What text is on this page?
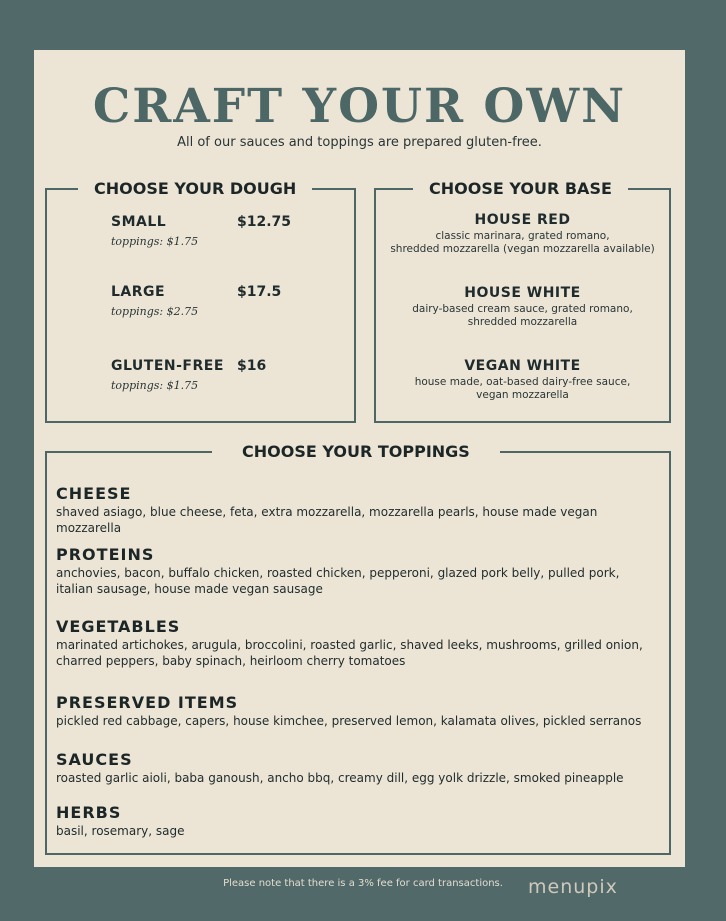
CRAFT YOUR OWN
All of our sauces and toppings are prepared gluten-free.
CHOOSE YOUR DOUGH
SMALL	$12.75
toppings: $1.75
LARGE	$17.5
toppings: $2.75
GLUTEN-FREE $16
toppings: $1.75
CHOOSE YOUR BASE
HOUSE RED
classic marinara, grated romano,
shredded mozzarella (vegan mozzarella available)
HOUSE WHITE
dairy-based cream sauce, grated romano,
shredded mozzarella
VEGAN WHITE
house made, oat-based dairy-free sauce,
vegan mozzarella
CHOOSE YOUR TOPPINGS
CHEESE
shaved asiago, blue cheese, feta, extra mozzarella, mozzarella pearls, house made vegan mozzarella
PROTEINS
anchovies, bacon, buffalo chicken, roasted chicken, pepperoni, glazed pork belly, pulled pork,
italian sausage, house made vegan sausage
VEGETABLES
marinated artichokes, arugula, broccolini, roasted garlic, shaved leeks, mushrooms, grilled onion,
charred peppers, baby spinach, heirloom cherry tomatoes
PRESERVED ITEMS
pickled red cabbage, capers, house kimchee, preserved lemon, kalamata olives, pickled serranos
SAUCES
roasted garlic aioli, baba ganoush, ancho bbq, creamy dill, egg yolk drizzle, smoked pineapple
HERBS
basil, rosemary, sage
menupix
Please note that there is a 3% fee for card transactions.
